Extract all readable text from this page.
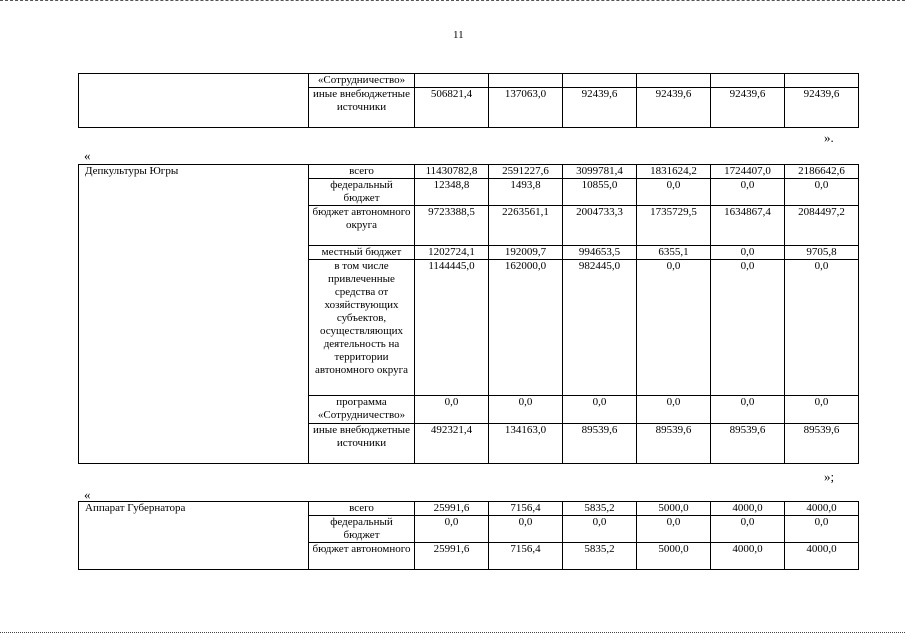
11
	«Сотрудничество»						
	иные внебюджетные источники	506821,4	137063,0	92439,6	92439,6	92439,6	92439,6
».
«
Депкультуры Югры	всего	11430782,8	2591227,6	3099781,4	1831624,2	1724407,0	2186642,6
	федеральный бюджет	12348,8	1493,8	10855,0	0,0	0,0	0,0
	бюджет автономного округа	9723388,5	2263561,1	2004733,3	1735729,5	1634867,4	2084497,2
	местный бюджет	1202724,1	192009,7	994653,5	6355,1	0,0	9705,8
	в том числе привлеченные средства от хозяйствующих субъектов, осуществляющих деятельность на территории автономного округа	1144445,0	162000,0	982445,0	0,0	0,0	0,0
	программа «Сотрудничество»	0,0	0,0	0,0	0,0	0,0	0,0
	иные внебюджетные источники	492321,4	134163,0	89539,6	89539,6	89539,6	89539,6
»;
«
Аппарат Губернатора	всего	25991,6	7156,4	5835,2	5000,0	4000,0	4000,0
	федеральный бюджет	0,0	0,0	0,0	0,0	0,0	0,0
	бюджет автономного	25991,6	7156,4	5835,2	5000,0	4000,0	4000,0
